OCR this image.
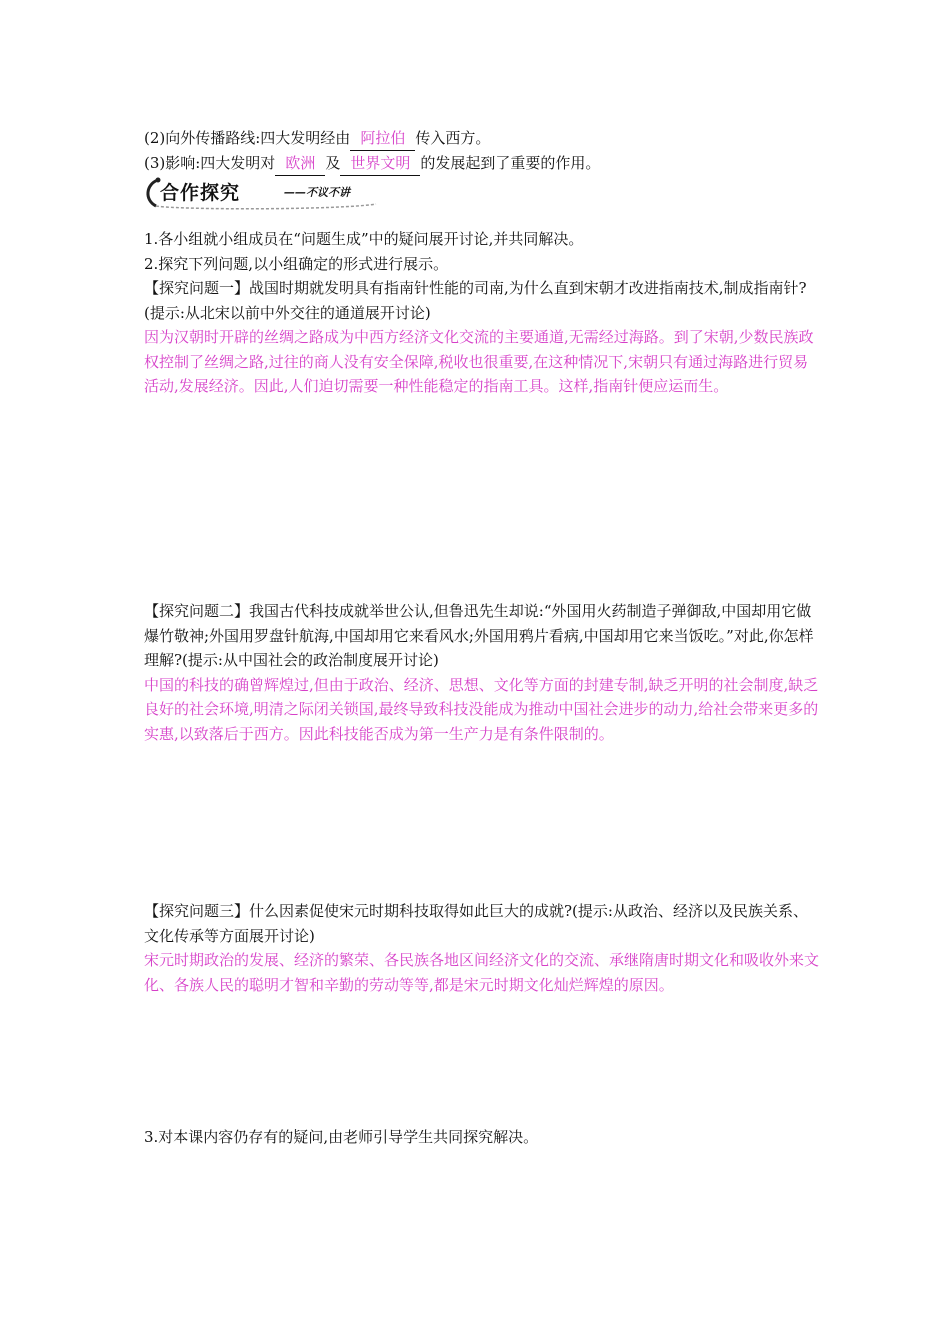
(2)向外传播路线:四大发明经由 阿拉伯 传入西方。
(3)影响:四大发明对 欧洲 及 世界文明 的发展起到了重要的作用。
合作探究	——不议不讲
1.各小组就小组成员在“问题生成”中的疑问展开讨论,并共同解决。
2.探究下列问题,以小组确定的形式进行展示。
【探究问题一】战国时期就发明具有指南针性能的司南,为什么直到宋朝才改进指南技术,制成指南针?(提示:从北宋以前中外交往的通道展开讨论)
因为汉朝时开辟的丝绸之路成为中西方经济文化交流的主要通道,无需经过海路。到了宋朝,少数民族政权控制了丝绸之路,过往的商人没有安全保障,税收也很重要,在这种情况下,宋朝只有通过海路进行贸易活动,发展经济。因此,人们迫切需要一种性能稳定的指南工具。这样,指南针便应运而生。
【探究问题二】我国古代科技成就举世公认,但鲁迅先生却说:“外国用火药制造子弹御敌,中国却用它做爆竹敬神;外国用罗盘针航海,中国却用它来看风水;外国用鸦片看病,中国却用它来当饭吃。”对此,你怎样理解?(提示:从中国社会的政治制度展开讨论)
中国的科技的确曾辉煌过,但由于政治、经济、思想、文化等方面的封建专制,缺乏开明的社会制度,缺乏良好的社会环境,明清之际闭关锁国,最终导致科技没能成为推动中国社会进步的动力,给社会带来更多的实惠,以致落后于西方。因此科技能否成为第一生产力是有条件限制的。
【探究问题三】什么因素促使宋元时期科技取得如此巨大的成就?(提示:从政治、经济以及民族关系、文化传承等方面展开讨论)
宋元时期政治的发展、经济的繁荣、各民族各地区间经济文化的交流、承继隋唐时期文化和吸收外来文化、各族人民的聪明才智和辛勤的劳动等等,都是宋元时期文化灿烂辉煌的原因。
3.对本课内容仍存有的疑问,由老师引导学生共同探究解决。
